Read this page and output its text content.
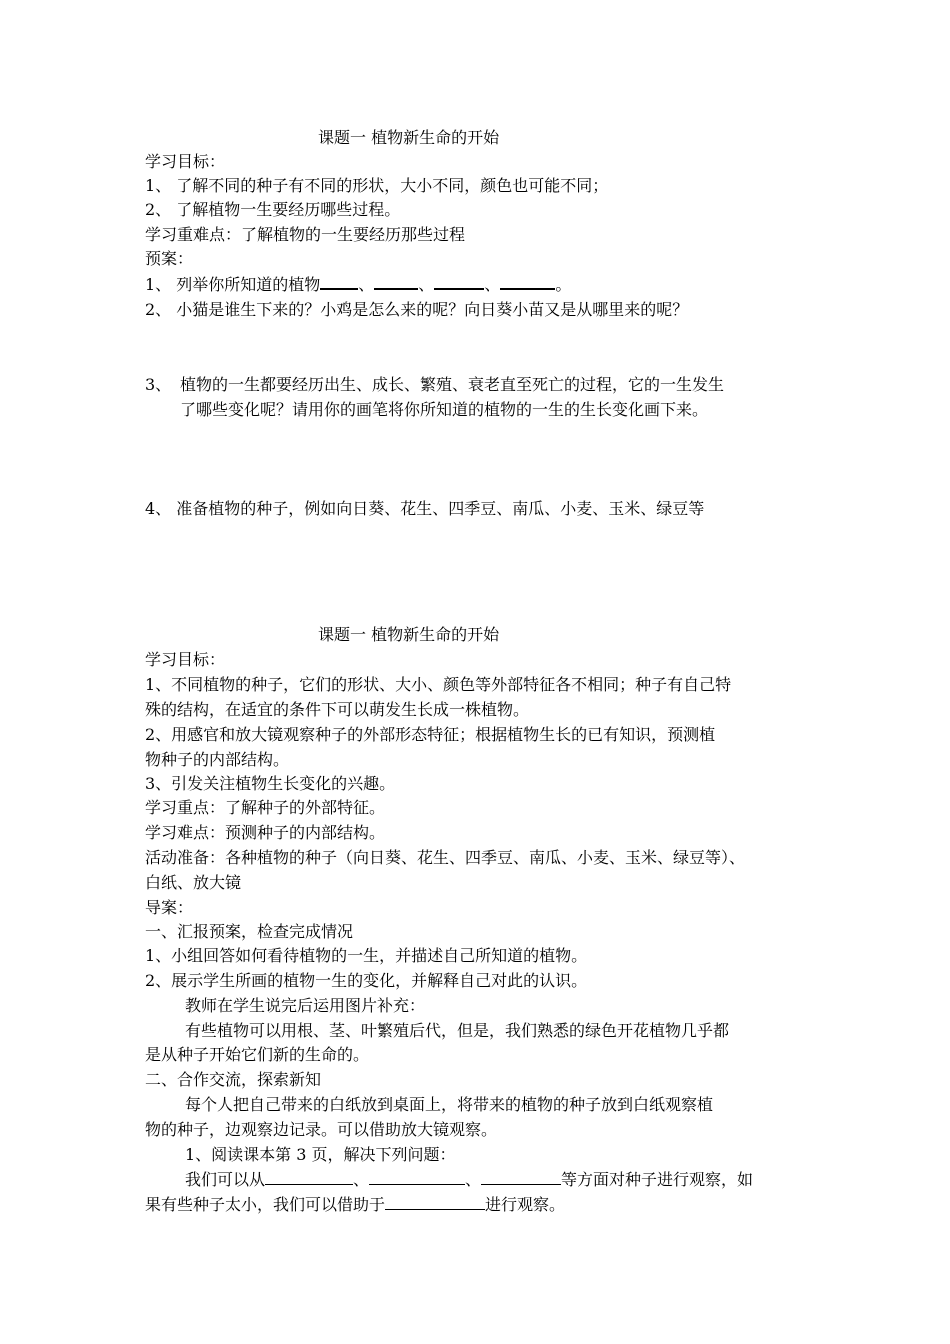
课题一 植物新生命的开始
学习目标：
1、 了解不同的种子有不同的形状，大小不同，颜色也可能不同；
2、 了解植物一生要经历哪些过程。
学习重难点：了解植物的一生要经历那些过程
预案：
1、 列举你所知道的植物 、	、	、	。
2、 小猫是谁生下来的？小鸡是怎么来的呢？向日葵小苗又是从哪里来的呢？
3、 植物的一生都要经历出生、成长、繁殖、衰老直至死亡的过程，它的一生发生
了哪些变化呢？请用你的画笔将你所知道的植物的一生的生长变化画下来。
4、 准备植物的种子，例如向日葵、花生、四季豆、南瓜、小麦、玉米、绿豆等
课题一 植物新生命的开始
学习目标：
1、不同植物的种子，它们的形状、大小、颜色等外部特征各不相同；种子有自己特
殊的结构，在适宜的条件下可以萌发生长成一株植物。
2、用感官和放大镜观察种子的外部形态特征；根据植物生长的已有知识，预测植
物种子的内部结构。
3、引发关注植物生长变化的兴趣。
学习重点：了解种子的外部特征。
学习难点：预测种子的内部结构。
活动准备：各种植物的种子（向日葵、花生、四季豆、南瓜、小麦、玉米、绿豆等）、
白纸、放大镜
导案：
一、汇报预案，检查完成情况
1、小组回答如何看待植物的一生，并描述自己所知道的植物。
2、展示学生所画的植物一生的变化，并解释自己对此的认识。
教师在学生说完后运用图片补充：
有些植物可以用根、茎、叶繁殖后代，但是，我们熟悉的绿色开花植物几乎都
是从种子开始它们新的生命的。
二、合作交流，探索新知
每个人把自己带来的白纸放到桌面上，将带来的植物的种子放到白纸观察植
物的种子，边观察边记录。可以借助放大镜观察。
1、阅读课本第 3 页，解决下列问题：
我们可以从	、	、	等方面对种子进行观察，如
果有些种子太小，我们可以借助于	进行观察。
